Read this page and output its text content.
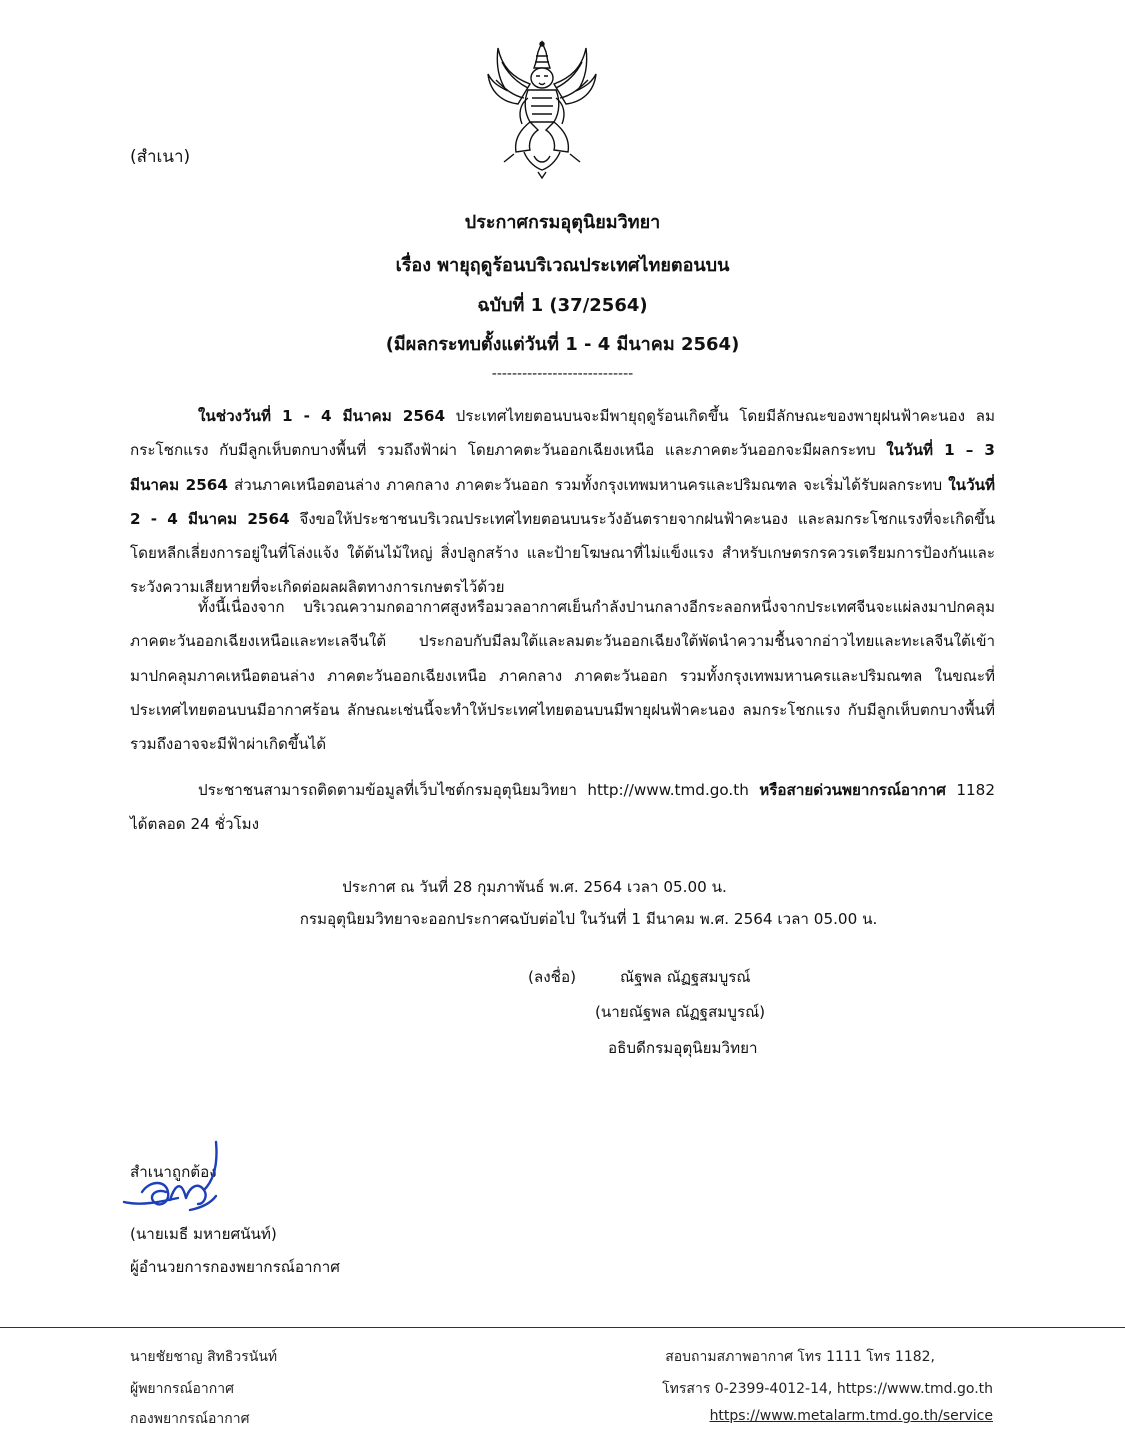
(สำเนา)
ประกาศกรมอุตุนิยมวิทยา
เรื่อง พายุฤดูร้อนบริเวณประเทศไทยตอนบน
ฉบับที่ 1 (37/2564)
(มีผลกระทบตั้งแต่วันที่ 1 - 4 มีนาคม 2564)
----------------------------
ในช่วงวันที่ 1 - 4 มีนาคม 2564 ประเทศไทยตอนบนจะมีพายุฤดูร้อนเกิดขึ้น โดยมีลักษณะของพายุฝนฟ้าคะนอง ลมกระโชกแรง กับมีลูกเห็บตกบางพื้นที่ รวมถึงฟ้าผ่า โดยภาคตะวันออกเฉียงเหนือ และภาคตะวันออกจะมีผลกระทบ ในวันที่ 1 – 3 มีนาคม 2564 ส่วนภาคเหนือตอนล่าง ภาคกลาง ภาคตะวันออก รวมทั้งกรุงเทพมหานครและปริมณฑล จะเริ่มได้รับผลกระทบ ในวันที่ 2 - 4 มีนาคม 2564 จึงขอให้ประชาชนบริเวณประเทศไทยตอนบนระวังอันตรายจากฝนฟ้าคะนอง และลมกระโชกแรงที่จะเกิดขึ้น โดยหลีกเลี่ยงการอยู่ในที่โล่งแจ้ง ใต้ต้นไม้ใหญ่ สิ่งปลูกสร้าง และป้ายโฆษณาที่ไม่แข็งแรง สำหรับเกษตรกรควรเตรียมการป้องกันและระวังความเสียหายที่จะเกิดต่อผลผลิตทางการเกษตรไว้ด้วย
ทั้งนี้เนื่องจาก บริเวณความกดอากาศสูงหรือมวลอากาศเย็นกำลังปานกลางอีกระลอกหนึ่งจากประเทศจีนจะแผ่ลงมาปกคลุมภาคตะวันออกเฉียงเหนือและทะเลจีนใต้ ประกอบกับมีลมใต้และลมตะวันออกเฉียงใต้พัดนำความชื้นจากอ่าวไทยและทะเลจีนใต้เข้ามาปกคลุมภาคเหนือตอนล่าง ภาคตะวันออกเฉียงเหนือ ภาคกลาง ภาคตะวันออก รวมทั้งกรุงเทพมหานครและปริมณฑล ในขณะที่ประเทศไทยตอนบนมีอากาศร้อน ลักษณะเช่นนี้จะทำให้ประเทศไทยตอนบนมีพายุฝนฟ้าคะนอง ลมกระโชกแรง กับมีลูกเห็บตกบางพื้นที่ รวมถึงอาจจะมีฟ้าผ่าเกิดขึ้นได้
ประชาชนสามารถติดตามข้อมูลที่เว็บไซต์กรมอุตุนิยมวิทยา http://www.tmd.go.th หรือสายด่วนพยากรณ์อากาศ 1182 ได้ตลอด 24 ชั่วโมง
ประกาศ ณ วันที่ 28 กุมภาพันธ์ พ.ศ. 2564 เวลา 05.00 น.
กรมอุตุนิยมวิทยาจะออกประกาศฉบับต่อไป ในวันที่ 1 มีนาคม พ.ศ. 2564 เวลา 05.00 น.
(ลงชื่อ)	ณัฐพล ณัฏฐสมบูรณ์
(นายณัฐพล ณัฏฐสมบูรณ์)
อธิบดีกรมอุตุนิยมวิทยา
สำเนาถูกต้อง
(นายเมธี มหายศนันท์)
ผู้อำนวยการกองพยากรณ์อากาศ
นายชัยชาญ สิทธิวรนันท์
ผู้พยากรณ์อากาศ
กองพยากรณ์อากาศ
สอบถามสภาพอากาศ โทร 1111 โทร 1182,
โทรสาร 0-2399-4012-14, https://www.tmd.go.th
https://www.metalarm.tmd.go.th/service
